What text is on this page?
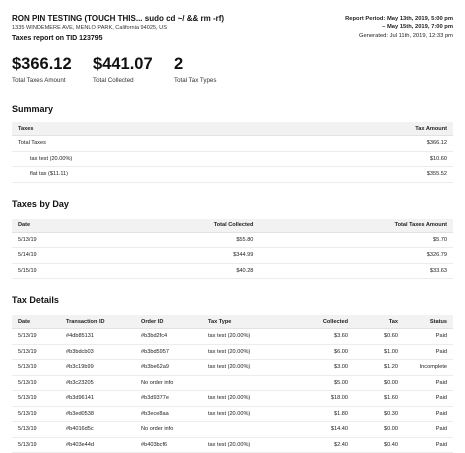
RON PIN TESTING (TOUCH THIS... sudo cd ~/ && rm -rf)
1335 WINDEMERE AVE, MENLO PARK, California 94025, US
Taxes report on TID 123795
Report Period: May 13th, 2019, 5:00 pm
– May 15th, 2019, 7:00 pm
Generated: Jul 11th, 2019, 12:33 pm
$366.12
Total Taxes Amount
$441.07
Total Collected
2
Total Tax Types
Summary
Taxes	Tax Amount
Total Taxes	$366.12
tax test (20.00%)	$10.60
flat tax ($11.11)	$355.52
Taxes by Day
Date	Total Collected	Total Taxes Amount
5/13/19	$55.80	$5.70
5/14/19	$344.99	$326.79
5/15/19	$40.28	$33.63
Tax Details
Date	Transaction ID	Order ID	Tax Type	Collected	Tax	Status
5/13/19	#4db85131	#b3bd2fc4	tax test (20.00%)	$3.60	$0.60	Paid
5/13/19	#b3bdcb03	#b3bd5957	tax test (20.00%)	$6.00	$1.00	Paid
5/13/19	#b3c19b99	#b3be62a9	tax test (20.00%)	$3.00	$1.20	Incomplete
5/13/19	#b3c23205	No order info		$5.00	$0.00	Paid
5/13/19	#b3d96141	#b3d9377e	tax test (20.00%)	$18.00	$1.60	Paid
5/13/19	#b3ed0538	#b3ece8aa	tax test (20.00%)	$1.80	$0.30	Paid
5/13/19	#b4016d5c	No order info		$14.40	$0.00	Paid
5/13/19	#b403e44d	#b403bcf6	tax test (20.00%)	$2.40	$0.40	Paid
